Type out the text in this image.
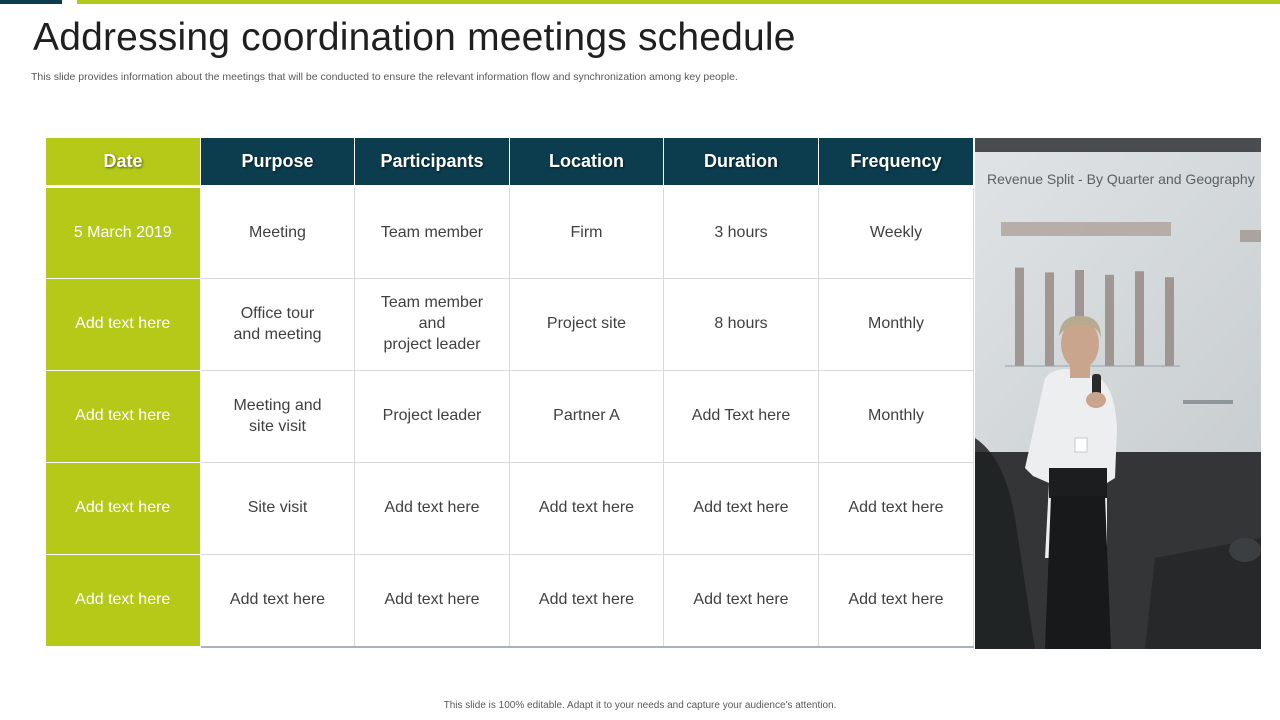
Addressing coordination meetings schedule

This slide provides information about the meetings that will be conducted to ensure the relevant information flow and synchronization among key people.

Date	Purpose	Participants	Location	Duration	Frequency
5 March 2019	Meeting	Team member	Firm	3 hours	Weekly
Add text here	Office tour
and meeting	Team member
and
project leader	Project site	8 hours	Monthly
Add text here	Meeting and
site visit	Project leader	Partner A	Add Text here	Monthly
Add text here	Site visit	Add text here	Add text here	Add text here	Add text here
Add text here	Add text here	Add text here	Add text here	Add text here	Add text here
Revenue Split - By Quarter and Geography
This slide is 100% editable. Adapt it to your needs and capture your audience's attention.
